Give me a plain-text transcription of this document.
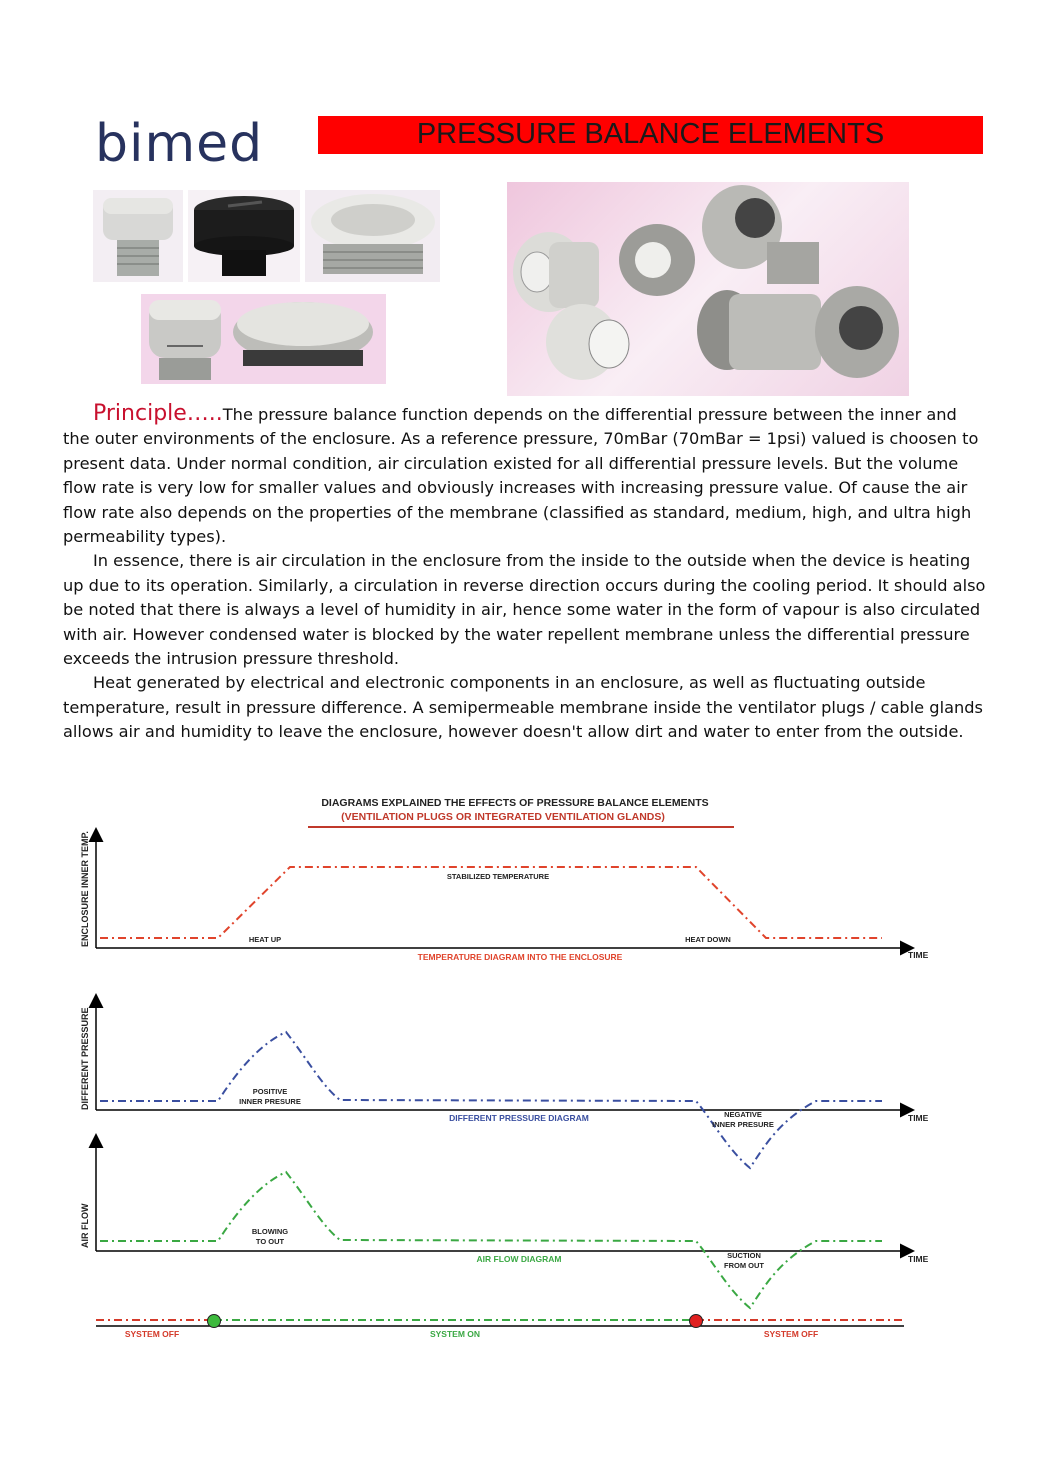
bimed	PRESSURE BALANCE ELEMENTS

Principle…..The pressure balance function depends on the differential pressure between the inner and the outer environments of the enclosure. As a reference pressure, 70mBar (70mBar = 1psi) valued is choosen to present data. Under normal condition, air circulation existed for all differential pressure levels. But the volume flow rate is very low for smaller values and obviously increases with increasing pressure value. Of cause the air flow rate also depends on the properties of the membrane (classified as standard, medium, high, and ultra high permeability types).

In essence, there is air circulation in the enclosure from the inside to the outside when the device is heating up due to its operation. Similarly, a circulation in reverse direction occurs during the cooling period. It should also be noted that there is always a level of humidity in air, hence some water in the form of vapour is also circulated with air. However condensed water is blocked by the water repellent membrane unless the differential pressure exceeds the intrusion pressure threshold.

Heat generated by electrical and electronic components in an enclosure, as well as fluctuating outside temperature, result in pressure difference. A semipermeable membrane inside the ventilator plugs / cable glands allows air and humidity to leave the enclosure, however doesn't allow dirt and water to enter from the outside.

DIAGRAMS EXPLAINED THE EFFECTS OF PRESSURE BALANCE ELEMENTS
(VENTILATION PLUGS OR INTEGRATED VENTILATION GLANDS)
ENCLOSURE INNER TEMP.
TIME
STABILIZED TEMPERATURE
HEAT UP	HEAT DOWN
TEMPERATURE DIAGRAM INTO THE ENCLOSURE
DIFFERENT PRESSURE
TIME
POSITIVE
INNER PRESURE
NEGATIVE
INNER PRESURE
DIFFERENT PRESSURE DIAGRAM
AIR FLOW
TIME
BLOWING
TO OUT
SUCTION
FROM OUT
AIR FLOW DIAGRAM
SYSTEM OFF	SYSTEM ON	SYSTEM OFF
